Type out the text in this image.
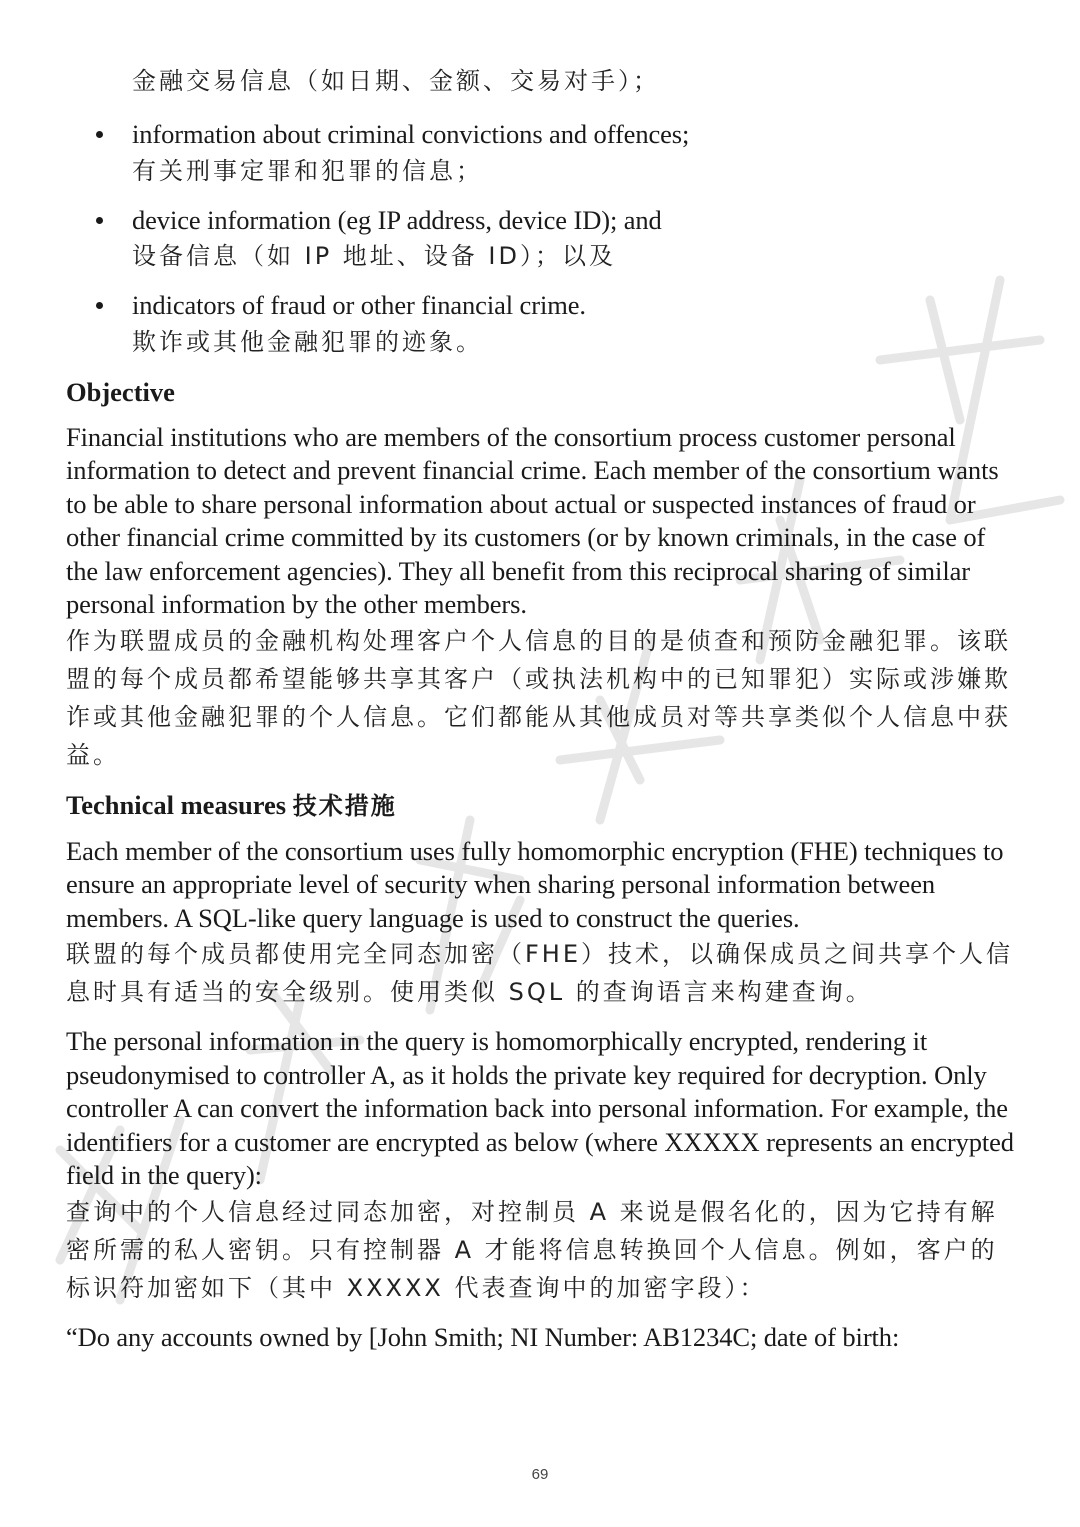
金融交易信息（如日期、金额、交易对手）；

information about criminal convictions and offences;

有关刑事定罪和犯罪的信息；

device information (eg IP address, device ID); and

设备信息（如 IP 地址、设备 ID）；以及

indicators of fraud or other financial crime.

欺诈或其他金融犯罪的迹象。

Objective

Financial institutions who are members of the consortium process customer personal information to detect and prevent financial crime. Each member of the consortium wants to be able to share personal information about actual or suspected instances of fraud or other financial crime committed by its customers (or by known criminals, in the case of the law enforcement agencies). They all benefit from this reciprocal sharing of similar personal information by the other members.

作为联盟成员的金融机构处理客户个人信息的目的是侦查和预防金融犯罪。该联盟的每个成员都希望能够共享其客户（或执法机构中的已知罪犯）实际或涉嫌欺诈或其他金融犯罪的个人信息。它们都能从其他成员对等共享类似个人信息中获益。

Technical measures 技术措施

Each member of the consortium uses fully homomorphic encryption (FHE) techniques to ensure an appropriate level of security when sharing personal information between members. A SQL-like query language is used to construct the queries.

联盟的每个成员都使用完全同态加密（FHE）技术，以确保成员之间共享个人信息时具有适当的安全级别。使用类似 SQL 的查询语言来构建查询。

The personal information in the query is homomorphically encrypted, rendering it pseudonymised to controller A, as it holds the private key required for decryption. Only controller A can convert the information back into personal information. For example, the identifiers for a customer are encrypted as below (where XXXXX represents an encrypted field in the query):

查询中的个人信息经过同态加密，对控制员 A 来说是假名化的，因为它持有解密所需的私人密钥。只有控制器 A 才能将信息转换回个人信息。例如，客户的标识符加密如下（其中 XXXXX 代表查询中的加密字段）：

“Do any accounts owned by [John Smith; NI Number: AB1234C; date of birth:

69
